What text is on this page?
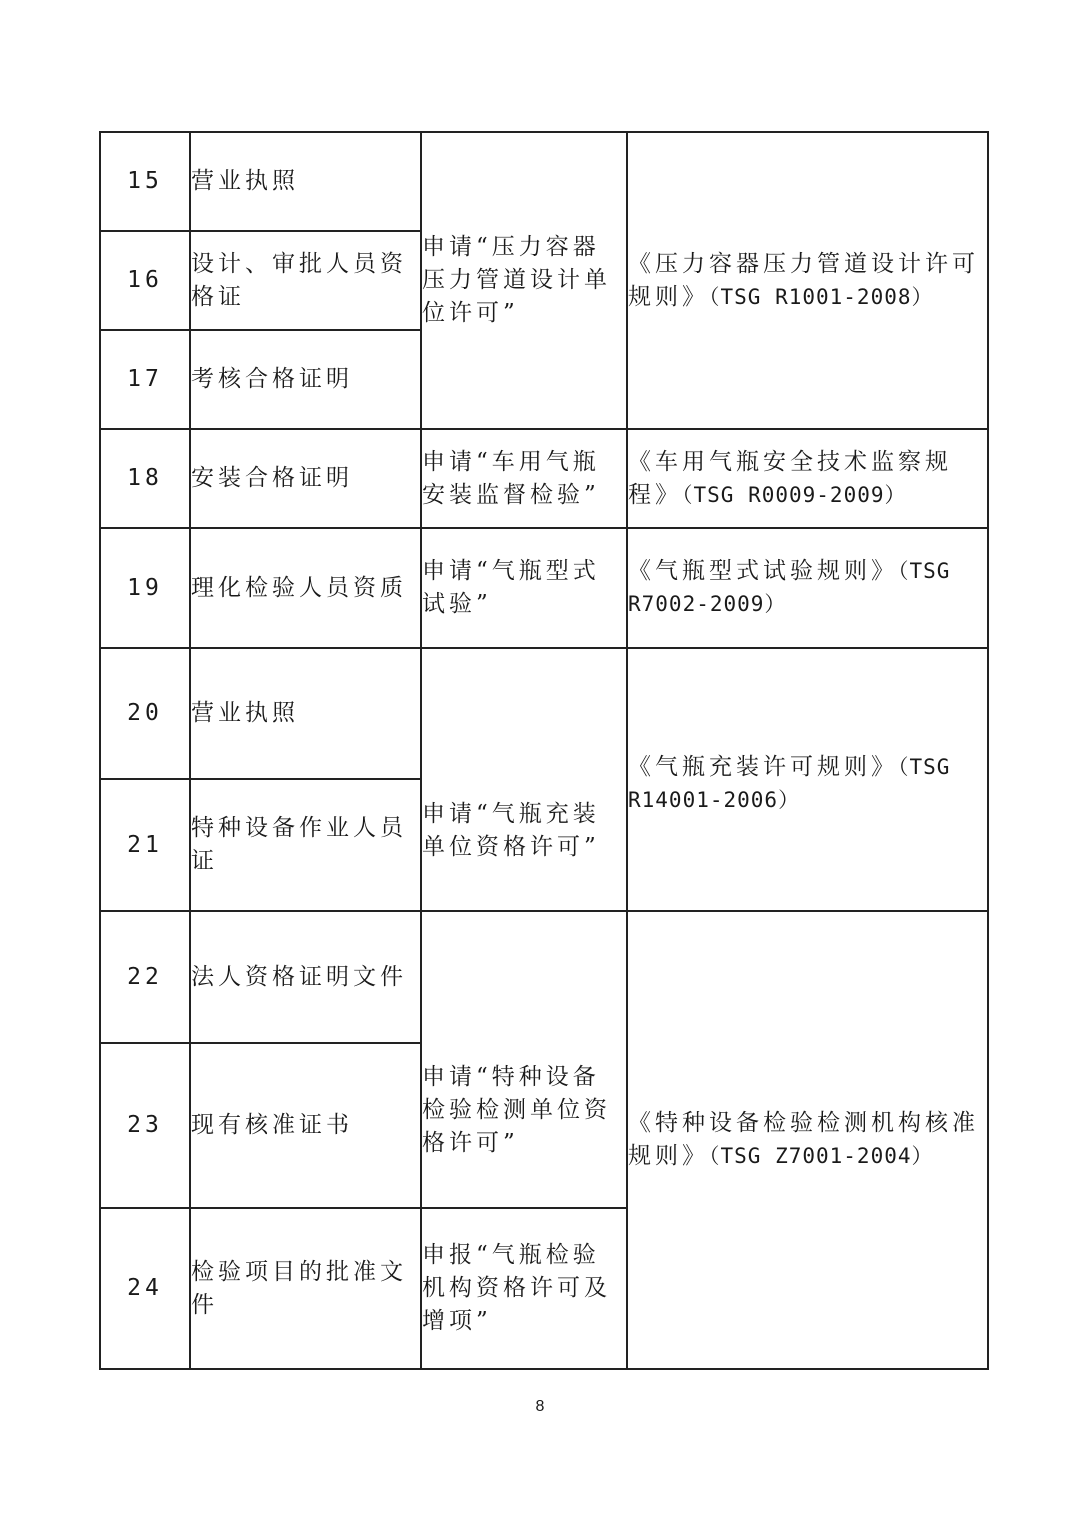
15	营业执照	申请“压力容器压力管道设计单位许可”	《压力容器压力管道设计许可规则》（TSG R1001-2008）
16	设计、审批人员资格证		
17	考核合格证明		
18	安装合格证明	申请“车用气瓶安装监督检验”	《车用气瓶安全技术监察规程》（TSG R0009-2009）
19	理化检验人员资质	申请“气瓶型式试验”	《气瓶型式试验规则》（TSG R7002-2009）
20	营业执照	申请“气瓶充装单位资格许可”	《气瓶充装许可规则》（TSG R14001-2006）
21	特种设备作业人员证		
22	法人资格证明文件	申请“特种设备检验检测单位资格许可”	《特种设备检验检测机构核准规则》（TSG Z7001-2004）
23	现有核准证书		
24	检验项目的批准文件	申报“气瓶检验机构资格许可及增项”	
8
